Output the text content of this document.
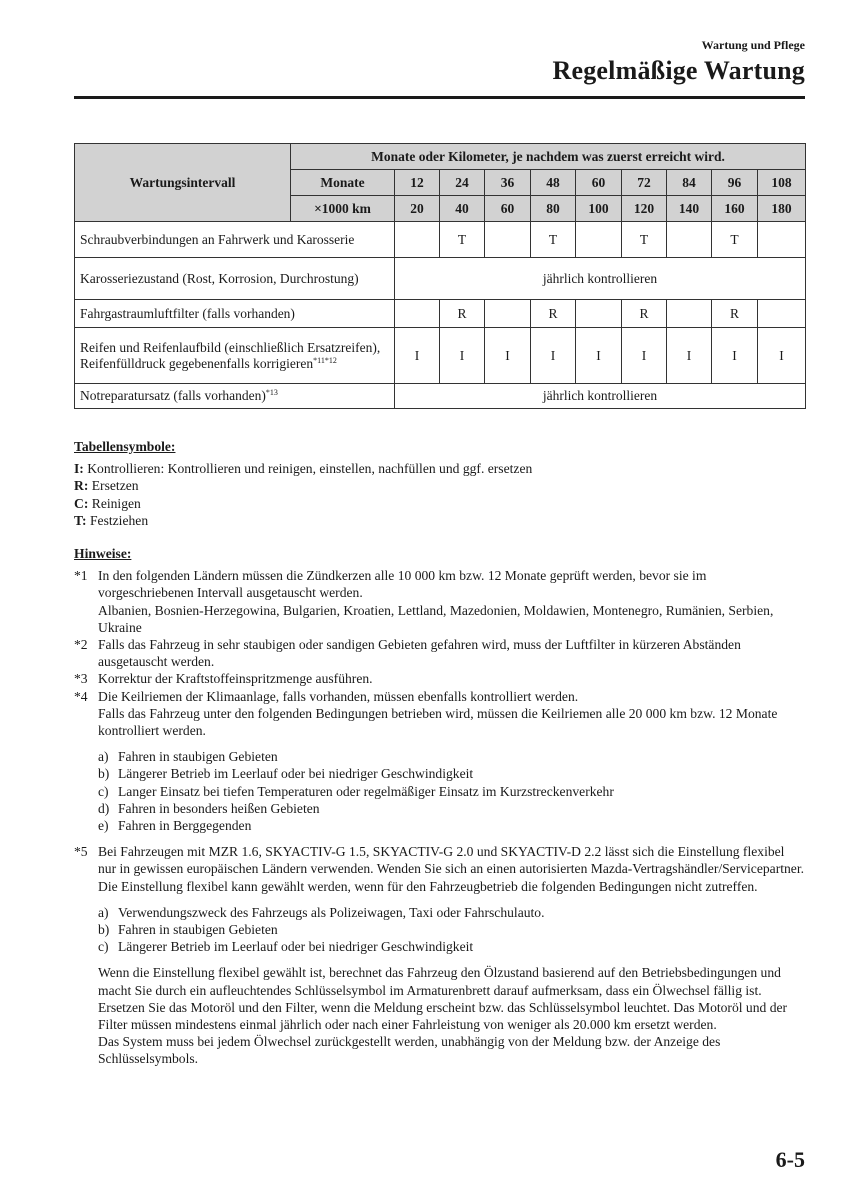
Wartung und Pflege
Regelmäßige Wartung
Wartungsintervall	Monate oder Kilometer, je nachdem was zuerst erreicht wird.									
	Monate	12	24	36	48	60	72	84	96	108
	×1000 km	20	40	60	80	100	120	140	160	180
Schraubverbindungen an Fahrwerk und Karosserie			T		T		T		T	
Karosseriezustand (Rost, Korrosion, Durchrostung)		jährlich kontrollieren								
Fahrgastraumluftfilter (falls vorhanden)			R		R		R		R	
Reifen und Reifenlaufbild (einschließlich Ersatzreifen), Reifenfülldruck gegebenenfalls korrigieren$^{*11*12}$		I	I	I	I	I	I	I	I	I
Notreparatursatz (falls vorhanden)$^{*13}$		jährlich kontrollieren								
Tabellensymbole:
I: Kontrollieren: Kontrollieren und reinigen, einstellen, nachfüllen und ggf. ersetzen
R: Ersetzen
C: Reinigen
T: Festziehen
Hinweise:
*1 In den folgenden Ländern müssen die Zündkerzen alle 10 000 km bzw. 12 Monate geprüft werden, bevor sie im vorgeschriebenen Intervall ausgetauscht werden.
Albanien, Bosnien-Herzegowina, Bulgarien, Kroatien, Lettland, Mazedonien, Moldawien, Montenegro, Rumänien, Serbien, Ukraine
*2 Falls das Fahrzeug in sehr staubigen oder sandigen Gebieten gefahren wird, muss der Luftfilter in kürzeren Abständen ausgetauscht werden.
*3 Korrektur der Kraftstoffeinspritzmenge ausführen.
*4 Die Keilriemen der Klimaanlage, falls vorhanden, müssen ebenfalls kontrolliert werden.
Falls das Fahrzeug unter den folgenden Bedingungen betrieben wird, müssen die Keilriemen alle 20 000 km bzw. 12 Monate kontrolliert werden.
a) Fahren in staubigen Gebieten
b) Längerer Betrieb im Leerlauf oder bei niedriger Geschwindigkeit
c) Langer Einsatz bei tiefen Temperaturen oder regelmäßiger Einsatz im Kurzstreckenverkehr
d) Fahren in besonders heißen Gebieten
e) Fahren in Berggegenden
*5 Bei Fahrzeugen mit MZR 1.6, SKYACTIV-G 1.5, SKYACTIV-G 2.0 und SKYACTIV-D 2.2 lässt sich die Einstellung flexibel nur in gewissen europäischen Ländern verwenden. Wenden Sie sich an einen autorisierten Mazda-Vertragshändler/Servicepartner. Die Einstellung flexibel kann gewählt werden, wenn für den Fahrzeugbetrieb die folgenden Bedingungen nicht zutreffen.
a) Verwendungszweck des Fahrzeugs als Polizeiwagen, Taxi oder Fahrschulauto.
b) Fahren in staubigen Gebieten
c) Längerer Betrieb im Leerlauf oder bei niedriger Geschwindigkeit
Wenn die Einstellung flexibel gewählt ist, berechnet das Fahrzeug den Ölzustand basierend auf den Betriebsbedingungen und macht Sie durch ein aufleuchtendes Schlüsselsymbol im Armaturenbrett darauf aufmerksam, dass ein Ölwechsel fällig ist.
Ersetzen Sie das Motoröl und den Filter, wenn die Meldung erscheint bzw. das Schlüsselsymbol leuchtet. Das Motoröl und der Filter müssen mindestens einmal jährlich oder nach einer Fahrleistung von weniger als 20.000 km ersetzt werden.
Das System muss bei jedem Ölwechsel zurückgestellt werden, unabhängig von der Meldung bzw. der Anzeige des Schlüsselsymbols.
6-5
